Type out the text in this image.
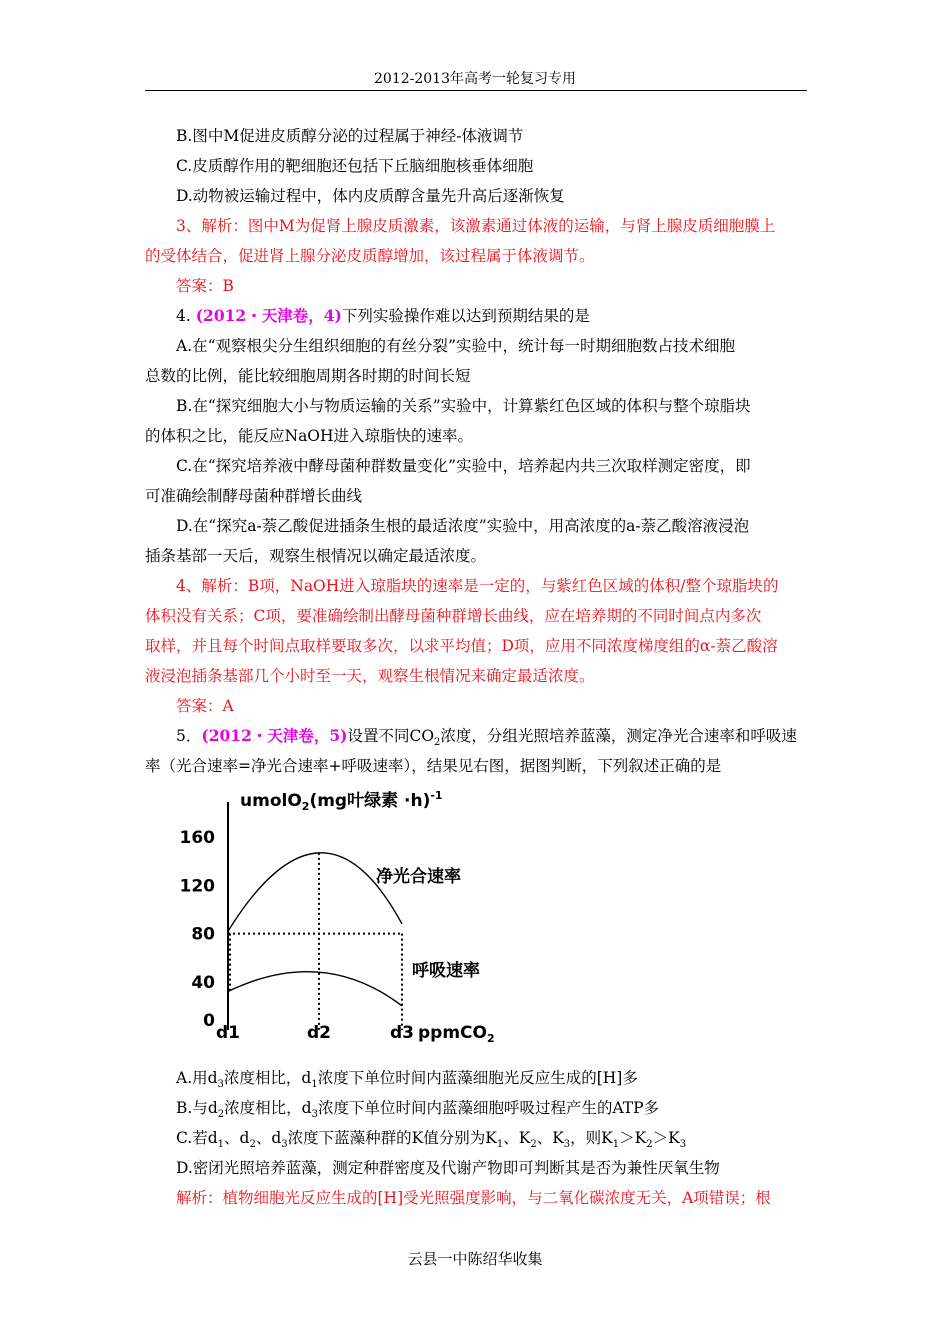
2012-2013年高考一轮复习专用
B.图中M促进皮质醇分泌的过程属于神经-体液调节
C.皮质醇作用的靶细胞还包括下丘脑细胞核垂体细胞
D.动物被运输过程中，体内皮质醇含量先升高后逐渐恢复
3、解析：图中M为促肾上腺皮质激素，该激素通过体液的运输，与肾上腺皮质细胞膜上
的受体结合，促进肾上腺分泌皮质醇增加，该过程属于体液调节。
答案：B
4. (2012・天津卷，4)下列实验操作难以达到预期结果的是
A.在“观察根尖分生组织细胞的有丝分裂”实验中，统计每一时期细胞数占技术细胞
总数的比例，能比较细胞周期各时期的时间长短
B.在“探究细胞大小与物质运输的关系”实验中，计算紫红色区域的体积与整个琼脂块
的体积之比，能反应NaOH进入琼脂快的速率。
C.在“探究培养液中酵母菌种群数量变化”实验中，培养起内共三次取样测定密度，即
可准确绘制酵母菌种群增长曲线
D.在“探究a-萘乙酸促进插条生根的最适浓度”实验中，用高浓度的a-萘乙酸溶液浸泡
插条基部一天后，观察生根情况以确定最适浓度。
4、解析：B项，NaOH进入琼脂块的速率是一定的，与紫红色区域的体积/整个琼脂块的
体积没有关系；C项，要准确绘制出酵母菌种群增长曲线，应在培养期的不同时间点内多次
取样，并且每个时间点取样要取多次，以求平均值；D项，应用不同浓度梯度组的α-萘乙酸溶
液浸泡插条基部几个小时至一天，观察生根情况来确定最适浓度。
答案：A
5．(2012・天津卷，5)设置不同$CO_2$浓度，分组光照培养蓝藻，测定净光合速率和呼吸速
率（光合速率=净光合速率+呼吸速率），结果见右图，据图判断，下列叙述正确的是
umolO$_2$(mg叶绿素 ·h)$^{-1}$
ppmCO$_2$
净光合速率
呼吸速率
0
40
80
120
160
d1	d2	d3
A.用$d_3$浓度相比，$d_1$浓度下单位时间内蓝藻细胞光反应生成的[H]多
B.与$d_2$浓度相比，$d_3$浓度下单位时间内蓝藻细胞呼吸过程产生的ATP多
C.若$d_1$、$d_2$、$d_3$浓度下蓝藻种群的K值分别为$K_1$、$K_2$、$K_3$，则$K_1>K_2>K_3$
D.密闭光照培养蓝藻，测定种群密度及代谢产物即可判断其是否为兼性厌氧生物
解析：植物细胞光反应生成的[H]受光照强度影响，与二氧化碳浓度无关，A项错误；根
云县一中陈绍华收集
